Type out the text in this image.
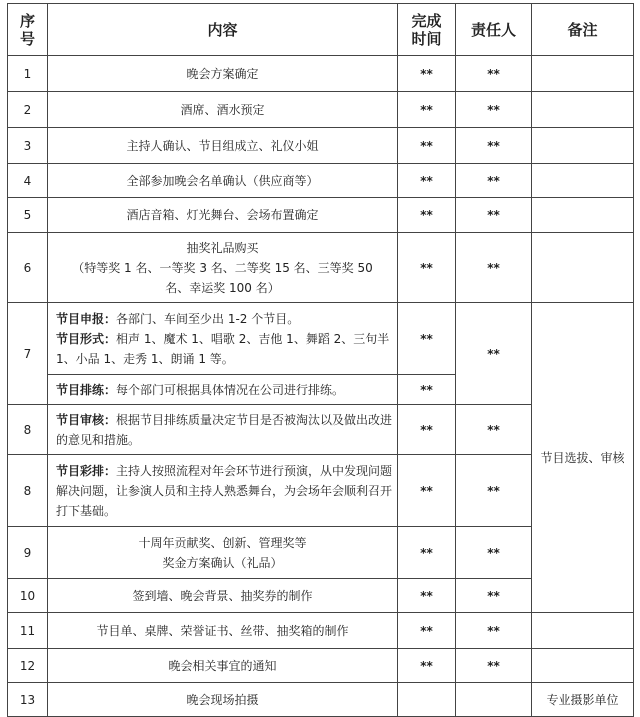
序号	内容	完成时间	责任人	备注
1	晚会方案确定	**	**	
2	酒席、酒水预定	**	**	
3	主持人确认、节目组成立、礼仪小姐	**	**	
4	全部参加晚会名单确认（供应商等）	**	**	
5	酒店音箱、灯光舞台、会场布置确定	**	**	
6	抽奖礼品购买
（特等奖 1 名、一等奖 3 名、二等奖 15 名、三等奖 50
名、幸运奖 100 名）	**	**	
7	节目申报：各部门、车间至少出 1-2 个节目。
节目形式：相声 1、魔术 1、唱歌 2、吉他 1、舞蹈 2、三句半 1、小品 1、走秀 1、朗诵 1 等。	**	**	节目选拔、审核
	节目排练：每个部门可根据具体情况在公司进行排练。	**		
8	节目审核：根据节目排练质量决定节目是否被淘汰以及做出改进的意见和措施。	**	**	
8	节目彩排：主持人按照流程对年会环节进行预演，从中发现问题解决问题，让参演人员和主持人熟悉舞台，为会场年会顺利召开打下基础。	**	**	
9	十周年贡献奖、创新、管理奖等
奖金方案确认（礼品）	**	**	
10	签到墙、晚会背景、抽奖券的制作	**	**	
11	节目单、桌牌、荣誉证书、丝带、抽奖箱的制作	**	**	
12	晚会相关事宜的通知	**	**	
13	晚会现场拍摄			专业摄影单位
